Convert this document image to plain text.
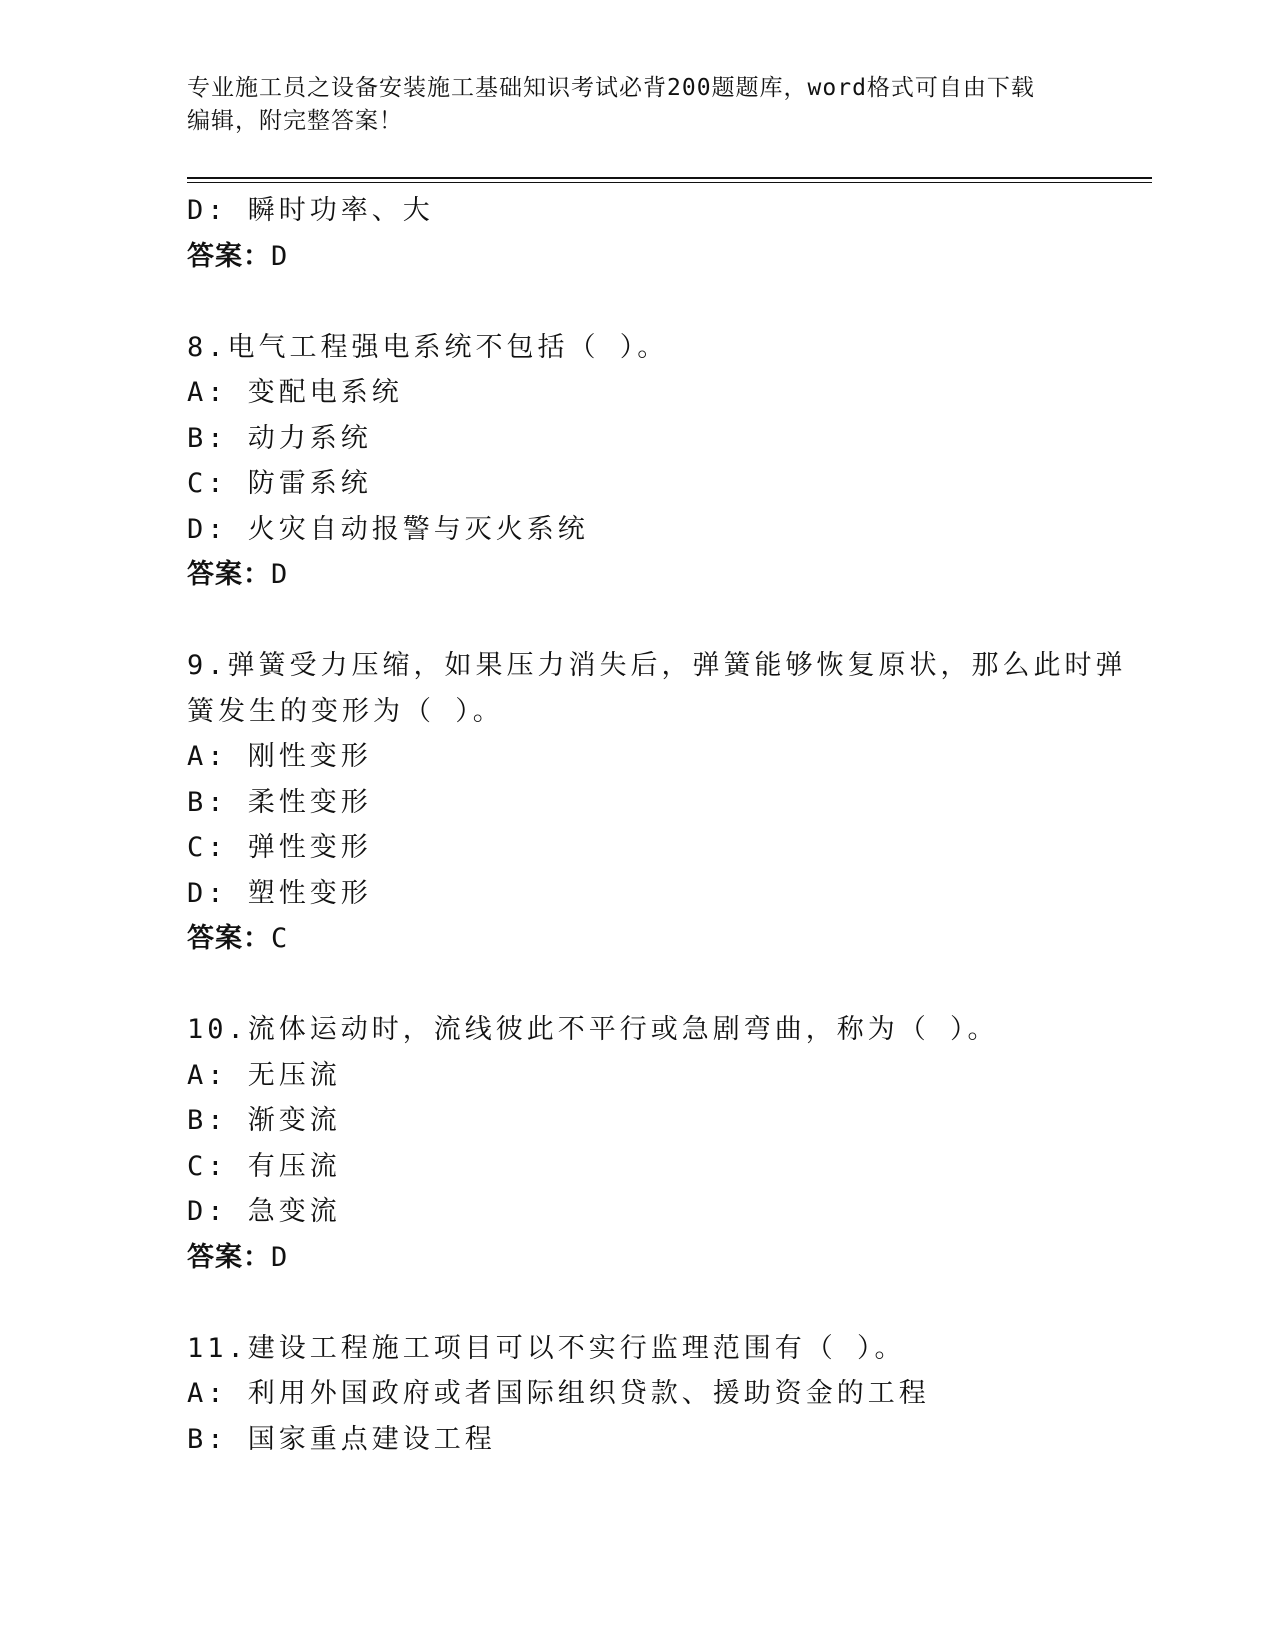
专业施工员之设备安装施工基础知识考试必背200题题库，word格式可自由下载
编辑，附完整答案！
D: 瞬时功率、大
答案：D
8.电气工程强电系统不包括（ ）。
A: 变配电系统
B: 动力系统
C: 防雷系统
D: 火灾自动报警与灭火系统
答案：D
9.弹簧受力压缩，如果压力消失后，弹簧能够恢复原状，那么此时弹
簧发生的变形为（ ）。
A: 刚性变形
B: 柔性变形
C: 弹性变形
D: 塑性变形
答案：C
10.流体运动时，流线彼此不平行或急剧弯曲，称为（ ）。
A: 无压流
B: 渐变流
C: 有压流
D: 急变流
答案：D
11.建设工程施工项目可以不实行监理范围有（ ）。
A: 利用外国政府或者国际组织贷款、援助资金的工程
B: 国家重点建设工程
